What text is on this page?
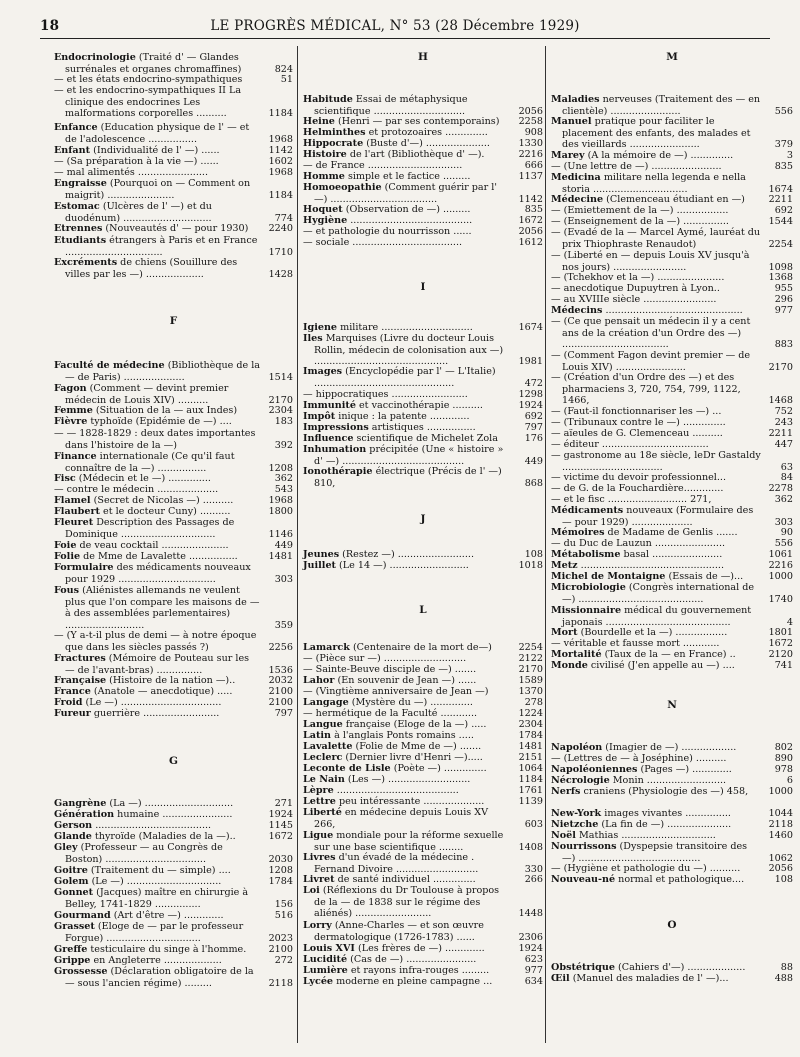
18	LE PROGRÈS MÉDICAL, N° 53 (28 Décembre 1929)
Endocrinologie (Traité d' — Glandes surrénales et organes chromaffines)	824
— et les états endocrino-sympathiques	51
— et les endocrino-sympathiques II La clinique des endocrines Les malformations corporelles ..........	1184
Enfance (Education physique de l' — et de l'adolescence ................	1968
Enfant (Individualité de l' —) ......	1142
— (Sa préparation à la vie —) ......	1602
— mal alimentés .......................	1968
Engraisse (Pourquoi on — Comment on maigrit) ......................	1184
Estomac (Ulcères de l' —) et du duodénum) .............................	774
Etrennes (Nouveautés d' — pour 1930) 2240
Etudiants étrangers à Paris et en France ................................	1710
Excréments de chiens (Souillure des villes par les —) ...................	1428
F
Faculté de médecine (Bibliothèque de la — de Paris) ....................	1514
Fagon (Comment — devint premier médecin de Louis XIV) ..........	2170
Femme (Situation de la — aux Indes)	2304
Fièvre typhoïde (Epidémie de —) ....	183
— — 1828-1829 : deux dates importantes dans l'histoire de la —)	392
Finance internationale (Ce qu'il faut connaître de la —) ................	1208
Fisc (Médecin et le —) ..............	362
— contre le médecin ....................	543
Flamel (Secret de Nicolas —) ..........	1968
Flaubert et le docteur Cuny) ..........	1800
Fleuret Description des Passages de Dominique ...............................	1146
Foie de veau cocktail ......................	449
Folie de Mme de Lavalette ................	1481
Formulaire des médicaments nouveaux pour 1929 ................................	303
Fous (Aliénistes allemands ne veulent plus que l'on compare les maisons de — à des assemblées parlementaires) ..........................	359
— (Y a-t-il plus de demi — à notre époque que dans les siècles passés ?)	2256
Fractures (Mémoire de Pouteau sur les — de l'avant-bras) ...............	1536
Française (Histoire de la nation —)..	2032
France (Anatole — anecdotique) .....	2100
Froid (Le —) .................................	2100
Fureur guerrière .........................	797
G
Gangrène (La —) .............................	271
Génération humaine .......................	1924
Gerson ......................................	1145
Glande thyroïde (Maladies de la —)..	1672
Gley (Professeur — au Congrès de Boston) .................................	2030
Goitre (Traitement du — simple) ....	1208
Golem (Le —) ...............................	1784
Gonnet (Jacques) maître en chirurgie à Belley, 1741-1829 ...............	156
Gourmand (Art d'être —) .............	516
Grasset (Eloge de — par le professeur Forgue) ...............................	2023
Greffe testiculaire du singe à l'homme. 2100
Grippe en Angleterre ...................	272
Grossesse (Déclaration obligatoire de la — sous l'ancien régime) .........	2118
H
Habitude Essai de métaphysique scientifique ..............................	2056
Heine (Henri — par ses contemporains) 2258
Helminthes et protozoaires ..............	908
Hippocrate (Buste d'—) .....................	1330
Histoire de l'art (Bibliothèque d' —).	2216
— de France ...............................	666
Homme simple et le factice .........	1137
Homoeopathie (Comment guérir par l' —) ...................................	1142
Hoquet (Observation de —) .........	835
Hygiène ........................................	1672
— et pathologie du nourrisson ......	2056
— sociale ....................................	1612
I
Igiene militare ..............................	1674
Iles Marquises (Livre du docteur Louis Rollin, médecin de colonisation aux —) ............................................	1981
Images (Encyclopédie par l' — L'Italie) ..............................................	472
— hippocratiques .........................	1298
Immunité et vaccinothérapie ..........	1924
Impôt inique : la patente .............	692
Impressions artistiques ................	797
Influence scientifique de Michelet Zola	176
Inhumation précipitée (Une « histoire » d' —) ........................................	449
Ionothérapie électrique (Précis de l' —) 810,	868
J
Jeunes (Restez —) .........................	108
Juillet (Le 14 —) ..........................	1018
L
Lamarck (Centenaire de la mort de—)	2254
— (Pièce sur —) ...........................	2122
— Sainte-Beuve disciple de —) .......	2170
Lahor (En souvenir de Jean —) ......	1589
— (Vingtième anniversaire de Jean —)	1370
Langage (Mystère du —) ..............	278
— hermétique de la Faculté ............	1224
Langue française (Eloge de la —) .....	2304
Latin à l'anglais Ponts romains .....	1784
Lavalette (Folie de Mme de —) .......	1481
Leclerc (Dernier livre d'Henri —).....	2151
Leconte de Lisle (Poète —) ..............	1064
Le Nain (Les —) ...........................	1184
Lèpre ........................................	1761
Lettre peu intéressante ....................	1139
Liberté en médecine depuis Louis XV 266,	603
Ligue mondiale pour la réforme sexuelle sur une base scientifique ........	1408
Livres d'un évadé de la médecine . Fernand Divoire ...........................	330
Livret de santé individuel ..............	266
Loi (Réflexions du Dr Toulouse à propos de la — de 1838 sur le régime des aliénés) .........................	1448
Lorry (Anne-Charles — et son œuvre dermatologique (1726-1783) ......	2306
Louis XVI (Les frères de —) .............	1924
Lucidité (Cas de —) .......................	623
Lumière et rayons infra-rouges .........	977
Lycée moderne en pleine campagne ...	634
M
Maladies nerveuses (Traitement des — en clientèle) .......................	556
Manuel pratique pour faciliter le placement des enfants, des malades et des vieillards .......................	379
Marey (A la mémoire de —) ..............	3
— (Une lettre de —) .......................	835
Medicina militare nella legenda e nella storia ...............................	1674
Médecine (Clemenceau étudiant en —) 2211
— (Emiettement de la —) .................	692
— (Enseignement de la —) ...............	1544
— (Evadé de la — Marcel Aymé, lauréat du prix Thiophraste Renaudot)	2254
— (Liberté en — depuis Louis XV jusqu'à nos jours) ........................	1098
— (Tchekhov et la —) ......................	1368
— anecdotique Dupuytren à Lyon..	955
— au XVIIIe siècle ........................	296
Médecins .............................................	977
— (Ce que pensait un médecin il y a cent ans de la création d'un Ordre des —) ...................................	883
— (Comment Fagon devint premier — de Louis XIV) .......................	2170
— (Création d'un Ordre des —) et des pharmaciens 3, 720, 754, 799, 1122, 1466,	1468
— (Faut-il fonctionnariser les —) ...	752
— (Tribunaux contre le —) ..............	243
— aïeules de G. Clemenceau ..........	2211
— éditeur ...................................	447
— gastronome au 18e siècle, leDr Gastaldy .................................	63
— victime du devoir professionnel...	84
— de G. de la Fouchardière.............	2278
— et le fisc .......................... 271,	362
Médicaments nouveaux (Formulaire des — pour 1929) ....................	303
Mémoires de Madame de Genlis .......	90
— du Duc de Lauzun .......................	556
Métabolisme basal .......................	1061
Metz ...............................................	2216
Michel de Montaigne (Essais de —)...	1000
Microbiologie (Congrès international de —) .........................................	1740
Missionnaire médical du gouvernement japonais .........................................	4
Mort (Bourdelle et la —) .................	1801
— véritable et fausse mort ............	1672
Mortalité (Taux de la — en France) ..	2120
Monde civilisé (J'en appelle au —) ....	741
N
Napoléon (Imagier de —) ..................	802
— (Lettres de — à Joséphine) ..........	890
Napoléoniennes (Pages —) .............	978
Nécrologie Monin ..........................	6
Nerfs craniens (Physiologie des —) 458, 1000
New-York images vivantes ...............	1044
Nietzche (La fin de —) .....................	2118
Noël Mathias ...............................	1460
Nourrissons (Dyspepsie transitoire des —) ........................................	1062
— (Hygiène et pathologie du —) ..........	2056
Nouveau-né normal et pathologique....	108
O
Obstétrique (Cahiers d'—) ...................	88
Œil (Manuel des maladies de l' —)...	488
